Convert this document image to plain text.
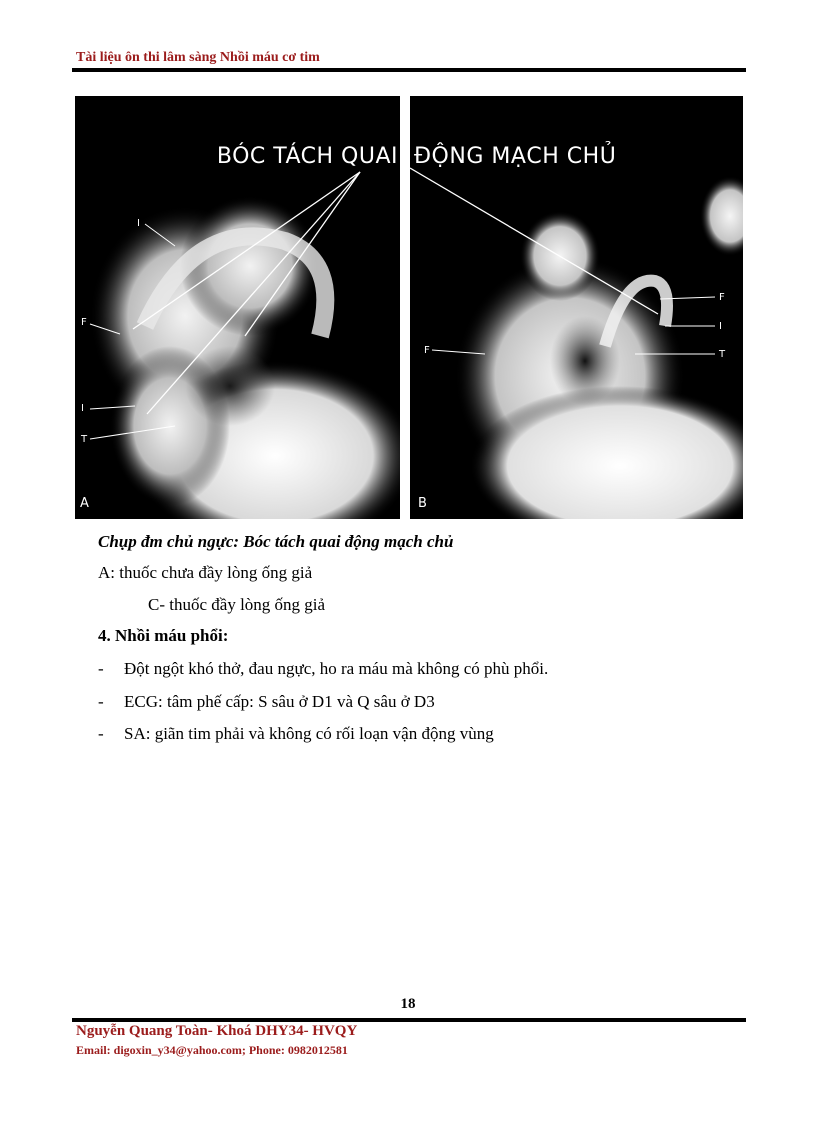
Tài liệu ôn thi lâm sàng Nhồi máu cơ tim
BÓC TÁCH QUAI
I
F
I
T
A
ĐỘNG MẠCH CHỦ
F
I
T
F
B
Chụp đm chủ ngực: Bóc tách quai động mạch chủ
A: thuốc chưa đầy lòng ống giả
C- thuốc đầy lòng ống giả
4. Nhồi máu phổi:
- Đột ngột khó thở, đau ngực, ho ra máu mà không có phù phổi.
- ECG: tâm phế cấp: S sâu ở D1 và Q sâu ở D3
- SA: giãn tim phải và không có rối loạn vận động vùng
18
Nguyễn Quang Toàn- Khoá DHY34- HVQY
Email: digoxin_y34@yahoo.com; Phone: 0982012581
